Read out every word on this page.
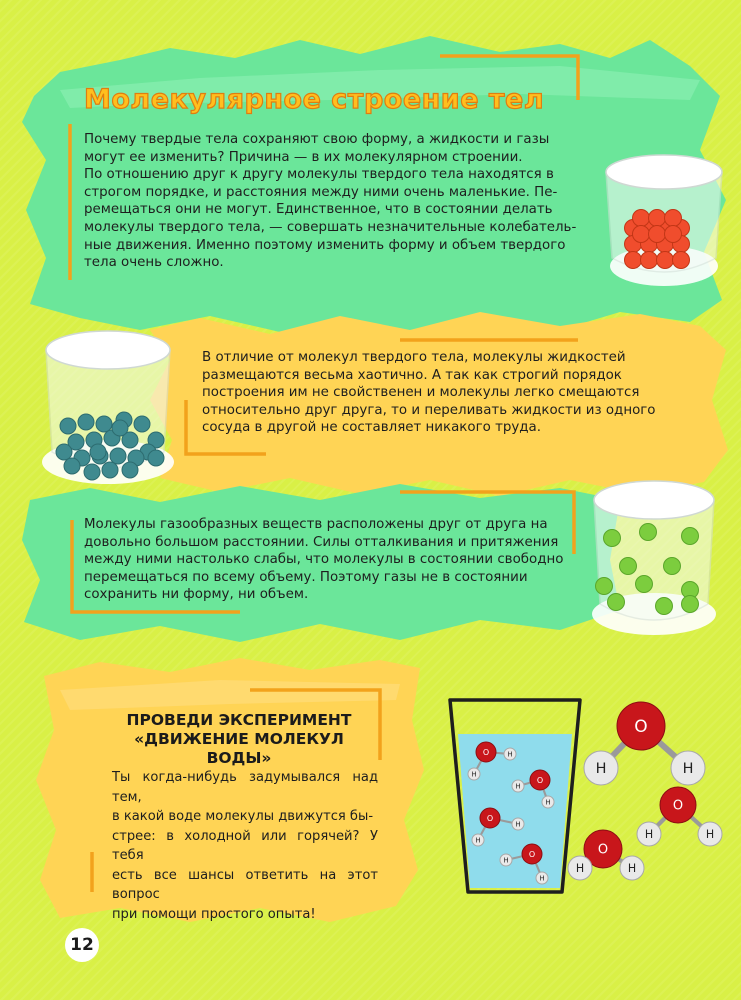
Молекулярное строение тел

Почему твердые тела сохраняют свою форму, а жидкости и газы
могут ее изменить? Причина — в их молекулярном строении.
По отношению друг к другу молекулы твердого тела находятся в
строгом порядке, и расстояния между ними очень маленькие. Пе-
ремещаться они не могут. Единственное, что в состоянии делать
молекулы твердого тела, — совершать незначительные колебатель-
ные движения. Именно поэтому изменить форму и объем твердого
тела очень сложно.

В отличие от молекул твердого тела, молекулы жидкостей
размещаются весьма хаотично. А так как строгий порядок
построения им не свойственен и молекулы легко смещаются
относительно друг друга, то и переливать жидкости из одного
сосуда в другой не составляет никакого труда.

Молекулы газообразных веществ расположены друг от друга на
довольно большом расстоянии. Силы отталкивания и притяжения
между ними настолько слабы, что молекулы в состоянии свободно
перемещаться по всему объему. Поэтому газы не в состоянии
сохранить ни форму, ни объем.

ПРОВЕДИ ЭКСПЕРИМЕНТ
«ДВИЖЕНИЕ МОЛЕКУЛ
ВОДЫ»

Ты когда-нибудь задумывался над тем,
в какой воде молекулы движутся бы-
стрее: в холодной или горячей? У тебя
есть все шансы ответить на этот вопрос
при помощи простого опыта!

O
H
H
O
H
H
O
H
H
O
H
H
O
H	H
O
H	H
O
H	H
12
